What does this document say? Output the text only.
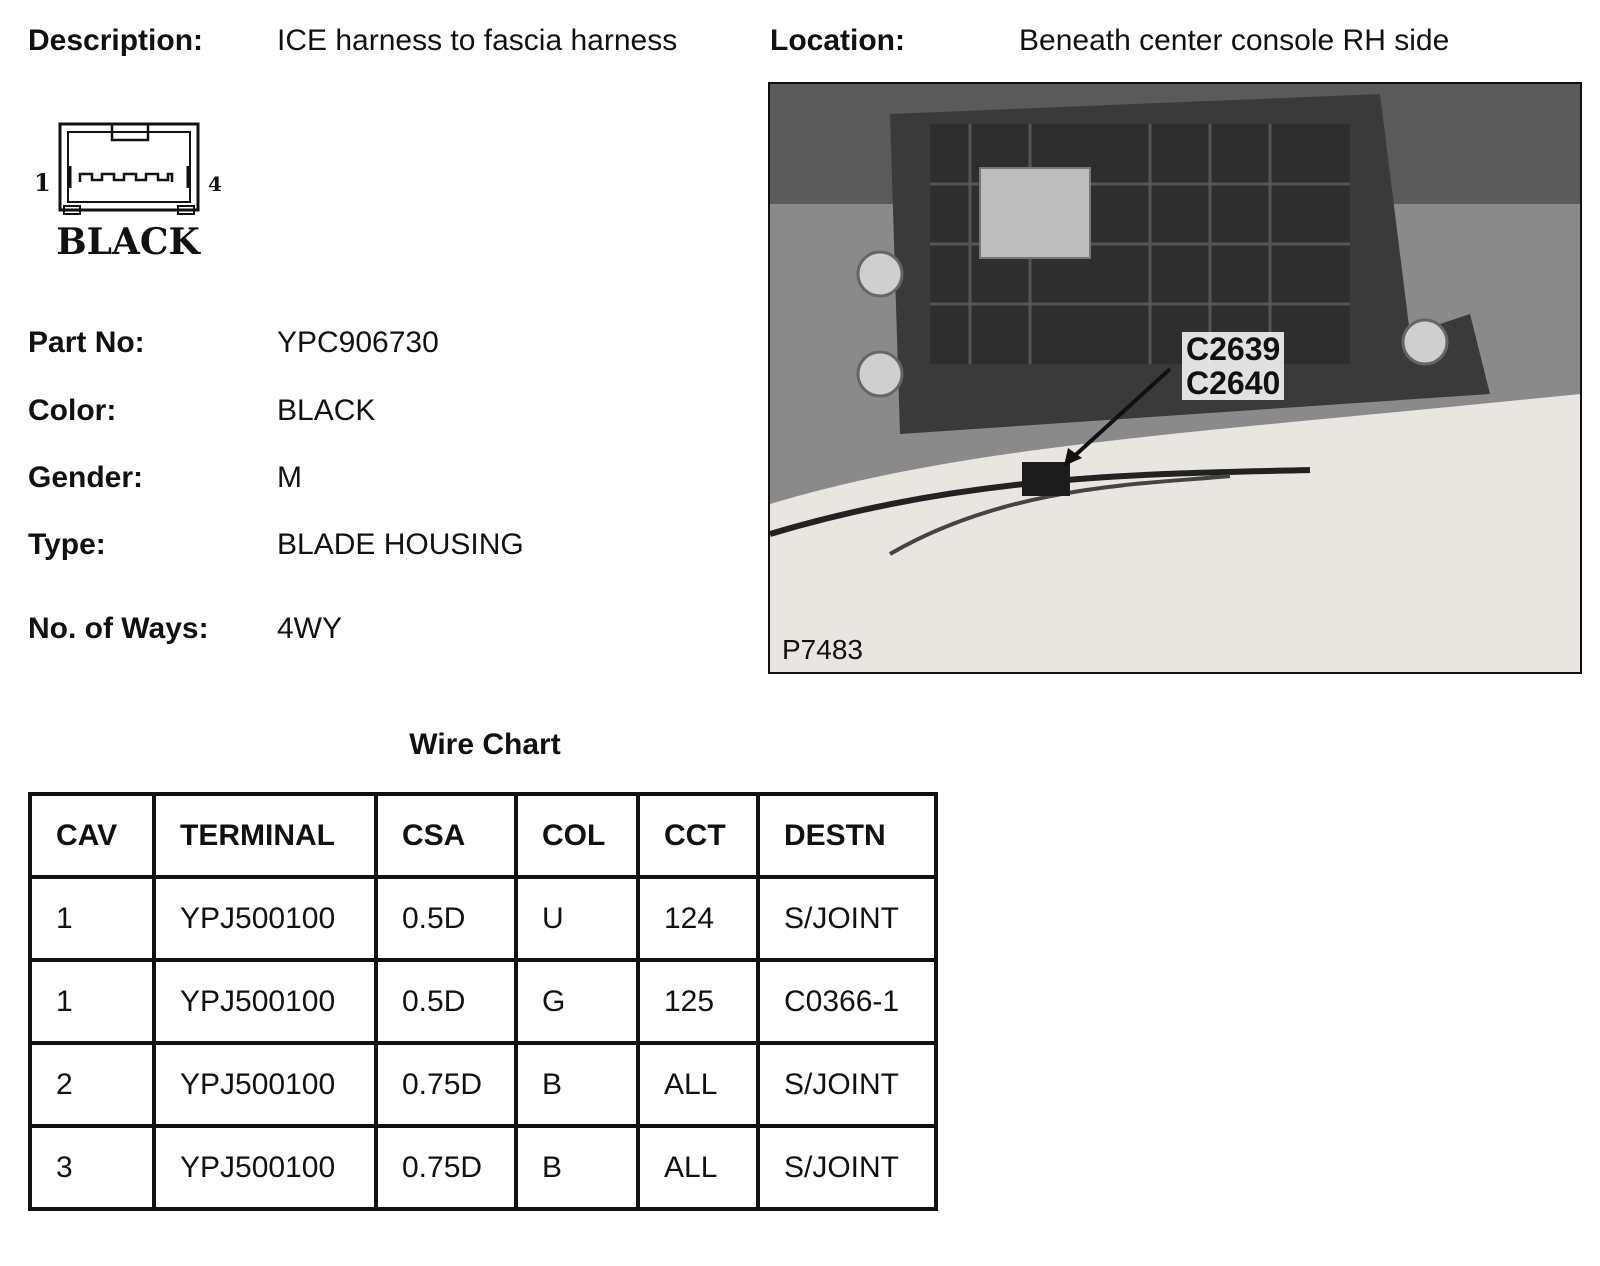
Description: ICE harness to fascia harness	Location:	Beneath center console RH side
1	4
BLACK
Part No:	YPC906730
Color:	BLACK
Gender:	M
Type:	BLADE HOUSING
No. of Ways: 4WY
C2639
C2640
P7483
Wire Chart
CAV	TERMINAL	CSA	COL	CCT	DESTN
1	YPJ500100	0.5D	U	124	S/JOINT
1	YPJ500100	0.5D	G	125	C0366-1
2	YPJ500100	0.75D	B	ALL	S/JOINT
3	YPJ500100	0.75D	B	ALL	S/JOINT
